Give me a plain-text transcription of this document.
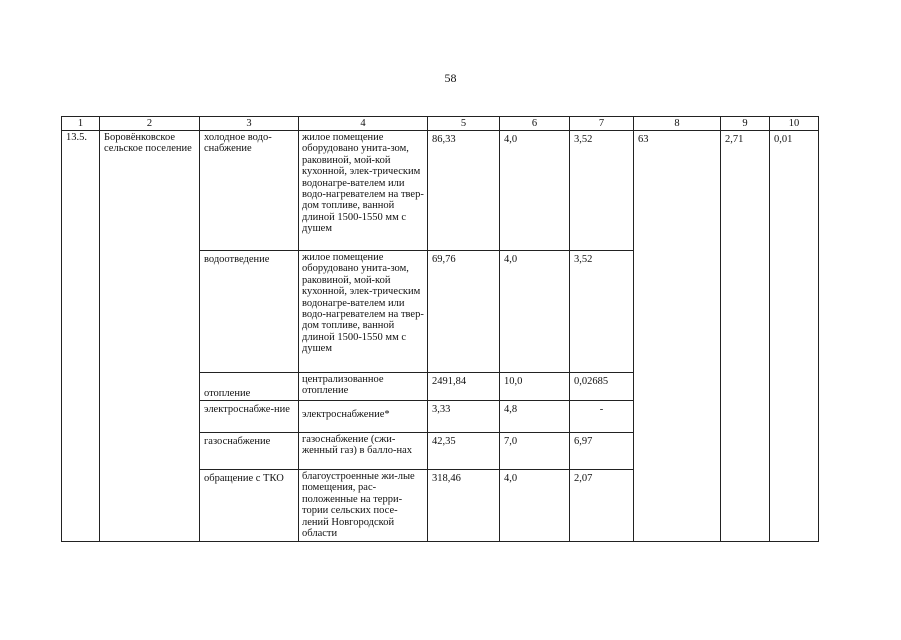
58
1	2	3	4	5	6	7	8	9	10
13.5.	Боровёнковское сельское поселение	холодное водо-снабжение	жилое помещение оборудовано унита-зом, раковиной, мой-кой кухонной, элек-трическим водонагре-вателем или водо-нагревателем на твер-дом топливе, ванной длиной 1500-1550 мм с душем	86,33	4,0	3,52	63	2,71	0,01
		водоотведение	жилое помещение оборудовано унита-зом, раковиной, мой-кой кухонной, элек-трическим водонагре-вателем или водо-нагревателем на твер-дом топливе, ванной длиной 1500-1550 мм с душем	69,76	4,0	3,52			
		отопление	централизованное отопление	2491,84	10,0	0,02685			
		электроснабже-ние	электроснабжение*	3,33	4,8	-			
		газоснабжение	газоснабжение (сжи-женный газ) в балло-нах	42,35	7,0	6,97			
		обращение с ТКО	благоустроенные жи-лые помещения, рас-положенные на терри-тории сельских посе-лений Новгородской области	318,46	4,0	2,07			
